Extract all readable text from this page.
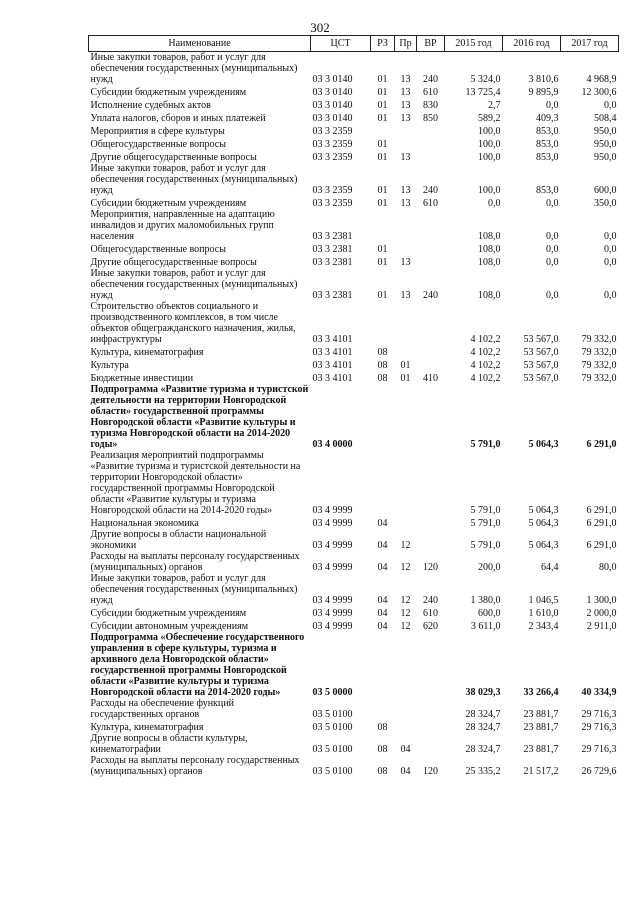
302
Наименование	ЦСТ	РЗ	Пр	ВР	2015 год	2016 год	2017 год
Иные закупки товаров, работ и услуг для обеспечения государственных (муниципальных) нужд	03 3 0140	01	13	240	5 324,0	3 810,6	4 968,9
Субсидии бюджетным учреждениям	03 3 0140	01	13	610	13 725,4	9 895,9	12 300,6
Исполнение судебных актов	03 3 0140	01	13	830	2,7	0,0	0,0
Уплата налогов, сборов и иных платежей	03 3 0140	01	13	850	589,2	409,3	508,4
Мероприятия в сфере культуры	03 3 2359				100,0	853,0	950,0
Общегосударственные вопросы	03 3 2359	01			100,0	853,0	950,0
Другие общегосударственные вопросы	03 3 2359	01	13		100,0	853,0	950,0
Иные закупки товаров, работ и услуг для обеспечения государственных (муниципальных) нужд	03 3 2359	01	13	240	100,0	853,0	600,0
Субсидии бюджетным учреждениям	03 3 2359	01	13	610	0,0	0,0	350,0
Мероприятия, направленные на адаптацию инвалидов и других маломобильных групп населения	03 3 2381				108,0	0,0	0,0
Общегосударственные вопросы	03 3 2381	01			108,0	0,0	0,0
Другие общегосударственные вопросы	03 3 2381	01	13		108,0	0,0	0,0
Иные закупки товаров, работ и услуг для обеспечения государственных (муниципальных) нужд	03 3 2381	01	13	240	108,0	0,0	0,0
Строительство объектов социального и производственного комплексов, в том числе объектов общегражданского назначения, жилья, инфраструктуры	03 3 4101				4 102,2	53 567,0	79 332,0
Культура, кинематография	03 3 4101	08			4 102,2	53 567,0	79 332,0
Культура	03 3 4101	08	01		4 102,2	53 567,0	79 332,0
Бюджетные инвестиции	03 3 4101	08	01	410	4 102,2	53 567,0	79 332,0
Подпрограмма «Развитие туризма и туристской деятельности на территории Новгородской области» государственной программы Новгородской области «Развитие культуры и туризма Новгородской области на 2014-2020 годы»	03 4 0000				5 791,0	5 064,3	6 291,0
Реализация мероприятий подпрограммы «Развитие туризма и туристской деятельности на территории Новгородской области» государственной программы Новгородской области «Развитие культуры и туризма Новгородской области на 2014-2020 годы»	03 4 9999				5 791,0	5 064,3	6 291,0
Национальная экономика	03 4 9999	04			5 791,0	5 064,3	6 291,0
Другие вопросы в области национальной экономики	03 4 9999	04	12		5 791,0	5 064,3	6 291,0
Расходы на выплаты персоналу государственных (муниципальных) органов	03 4 9999	04	12	120	200,0	64,4	80,0
Иные закупки товаров, работ и услуг для обеспечения государственных (муниципальных) нужд	03 4 9999	04	12	240	1 380,0	1 046,5	1 300,0
Субсидии бюджетным учреждениям	03 4 9999	04	12	610	600,0	1 610,0	2 000,0
Субсидии автономным учреждениям	03 4 9999	04	12	620	3 611,0	2 343,4	2 911,0
Подпрограмма «Обеспечение государственного управления в сфере культуры, туризма и архивного дела Новгородской области» государственной программы Новгородской области «Развитие культуры и туризма Новгородской области на 2014-2020 годы»	03 5 0000				38 029,3	33 266,4	40 334,9
Расходы на обеспечение функций государственных органов	03 5 0100				28 324,7	23 881,7	29 716,3
Культура, кинематография	03 5 0100	08			28 324,7	23 881,7	29 716,3
Другие вопросы в области культуры, кинематографии	03 5 0100	08	04		28 324,7	23 881,7	29 716,3
Расходы на выплаты персоналу государственных (муниципальных) органов	03 5 0100	08	04	120	25 335,2	21 517,2	26 729,6
